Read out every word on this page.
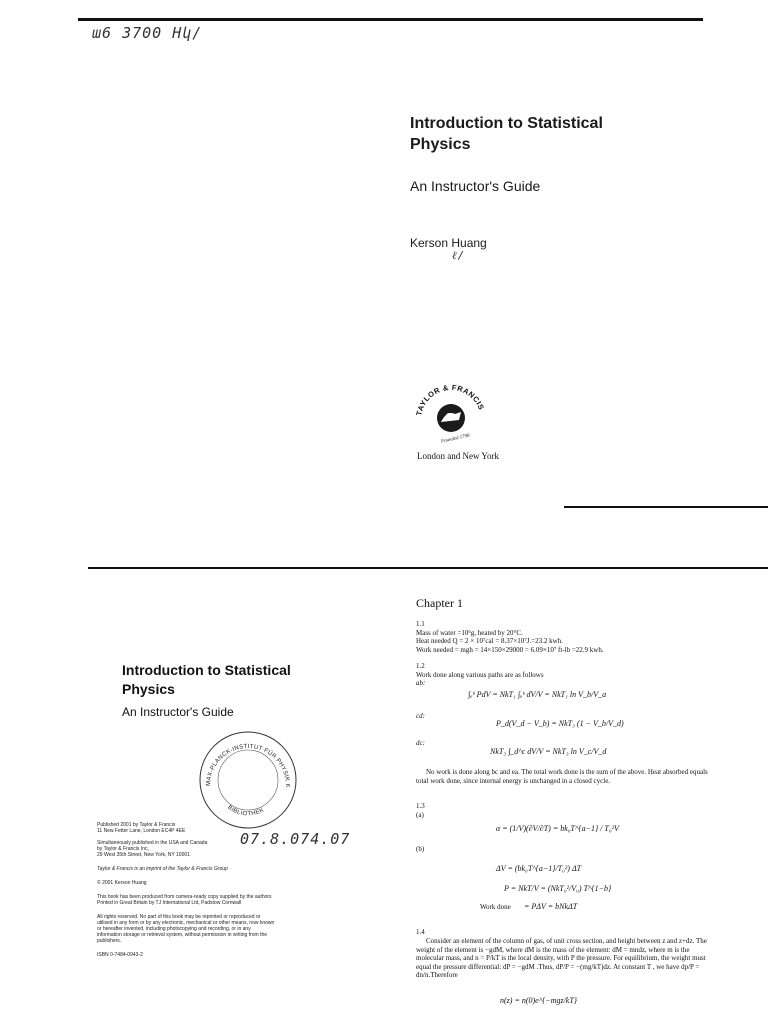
ա6 3700 Hկ/
Introduction to Statistical
Physics
An Instructor's Guide
Kerson Huang
ℓ/
TAYLOR & FRANCIS
Founded 1798
London and New York
Introduction to Statistical
Physics
An Instructor's Guide
MAX-PLANCK-INSTITUT FÜR PHYSIK K
BIBLIOTHEK
07.8.074.07
Published 2001 by Taylor & Francis
11 New Fetter Lane, London EC4P 4EE
Simultaneously published in the USA and Canada
by Taylor & Francis Inc,
29 West 35th Street, New York, NY 10001
Taylor & Francis is an imprint of the Taylor & Francis Group
© 2001 Kerson Huang
This book has been produced from camera-ready copy supplied by the authors
Printed in Great Britain by TJ International Ltd, Padstow Cornwall
All rights reserved. No part of this book may be reprinted or reproduced or
utilised in any form or by any electronic, mechanical or other means, now known
or hereafter invented, including photocopying and recording, or in any
information storage or retrieval system, without permission in writing from the
publishers.
ISBN 0-7484-0943-2
Chapter 1

1.1

Mass of water =10⁶g, heated by 20°C.

Heat needed Q = 2 × 10⁷cal = 8.37×10⁷J.=23.2 kwh.

Work needed = mgh = 14×150×29000 = 6.09×10⁷ ft-lb =22.9 kwh.

1.2

Work done along various paths are as follows

ab:

∫ₐᵇ PdV = NkT₁ ∫ₐᵇ dV/V = NkT₁ ln V_b/V_a
cd:
P_d(V_d − V_b) = NkT₃ (1 − V_b/V_d)
dc:
NkT₃ ∫_d^c dV/V = NkT₃ ln V_c/V_d
No work is done along bc and ea. The total work done is the sum of the above. Heat absorbed equals total work done, since internal energy is unchanged in a closed cycle.

1.3

(a)

α = (1/V)(∂V/∂T) = bk₀T^{a−1} / T₀²V
(b)
ΔV = (bk₀T^{a−1}/T₀²) ΔT
P = NkT/V = (NkT₀²/V₀) T^{1−b}
Work done = PΔV = bNkΔT
1.4
Consider an element of the column of gas, of unit cross section, and height between z and z+dz. The weight of the element is −gdM, where dM is the mass of the element: dM = mndz, where m is the molecular mass, and n = P/kT is the local density, with P the pressure. For equilibrium, the weight must equal the pressure differential: dP = −gdM .Thus, dP/P = −(mg/kT)dz. At constant T , we have dp/P = dn/n.Therefore
n(z) = n(0)e^{−mgz/kT}
